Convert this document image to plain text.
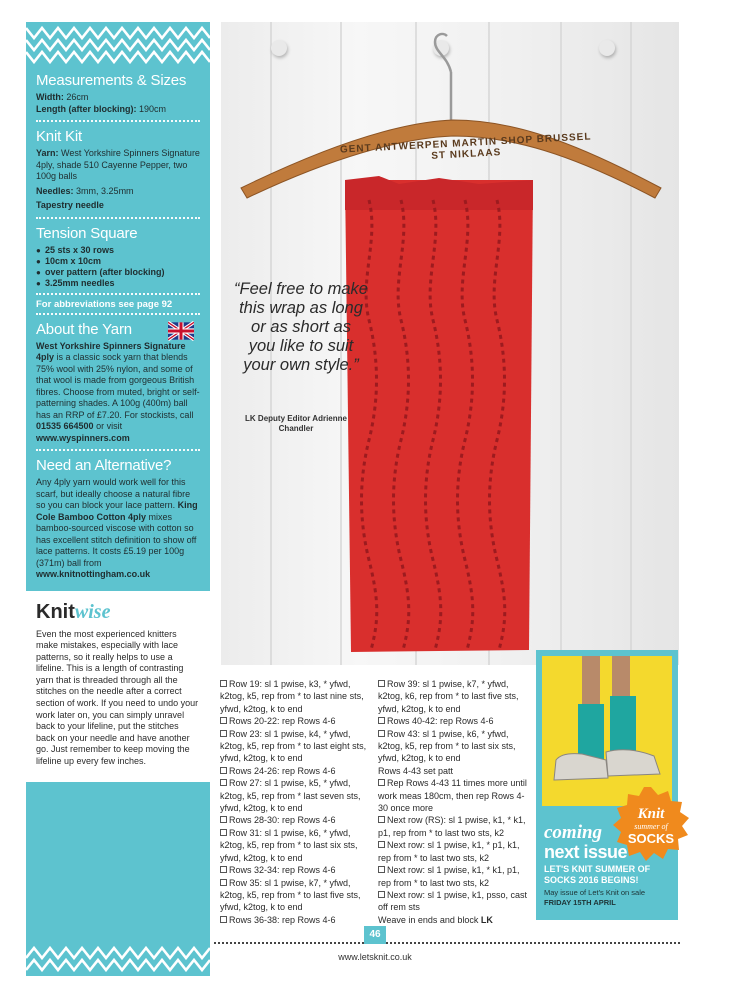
Measurements & Sizes

Width: 26cm

Length (after blocking): 190cm

Knit Kit

Yarn: West Yorkshire Spinners Signature 4ply, shade 510 Cayenne Pepper, two 100g balls

Needles: 3mm, 3.25mm

Tapestry needle

Tension Square
● 25 sts x 30 rows
● 10cm x 10cm
● over pattern (after blocking)
● 3.25mm needles

For abbreviations see page 92

About the Yarn

West Yorkshire Spinners Signature 4ply is a classic sock yarn that blends 75% wool with 25% nylon, and some of that wool is made from gorgeous British fibres. Choose from muted, bright or self-patterning shades. A 100g (400m) ball has an RRP of £7.20. For stockists, call 01535 664500 or visit www.wyspinners.com

Need an Alternative?

Any 4ply yarn would work well for this scarf, but ideally choose a natural fibre so you can block your lace pattern. King Cole Bamboo Cotton 4ply mixes bamboo-sourced viscose with cotton so has excellent stitch definition to show off lace patterns. It costs £5.19 per 100g (371m) ball from www.knitnottingham.co.uk

Knitwise

Even the most experienced knitters make mistakes, especially with lace patterns, so it really helps to use a lifeline. This is a length of contrasting yarn that is threaded through all the stitches on the needle after a correct section of work. If you need to undo your work later on, you can simply unravel back to your lifeline, put the stitches back on your needle and have another go. Just remember to keep moving the lifeline up every few inches.

GENT ANTWERPEN MARTIN SHOP BRUSSEL ST NIKLAAS
“Feel free to make
this wrap as long
or as short as
you like to suit
your own style.”

LK Deputy Editor Adrienne Chandler

Row 19: sl 1 pwise, k3, * yfwd, k2tog, k5, rep from * to last nine sts, yfwd, k2tog, k to end

Rows 20-22: rep Rows 4-6

Row 23: sl 1 pwise, k4, * yfwd, k2tog, k5, rep from * to last eight sts, yfwd, k2tog, k to end

Rows 24-26: rep Rows 4-6

Row 27: sl 1 pwise, k5, * yfwd, k2tog, k5, rep from * last seven sts, yfwd, k2tog, k to end

Rows 28-30: rep Rows 4-6

Row 31: sl 1 pwise, k6, * yfwd, k2tog, k5, rep from * to last six sts, yfwd, k2tog, k to end

Rows 32-34: rep Rows 4-6

Row 35: sl 1 pwise, k7, * yfwd, k2tog, k5, rep from * to last five sts, yfwd, k2tog, k to end

Rows 36-38: rep Rows 4-6

Row 39: sl 1 pwise, k7, * yfwd, k2tog, k6, rep from * to last five sts, yfwd, k2tog, k to end

Rows 40-42: rep Rows 4-6

Row 43: sl 1 pwise, k6, * yfwd, k2tog, k5, rep from * to last six sts, yfwd, k2tog, k to end

Rows 4-43 set patt

Rep Rows 4-43 11 times more until work meas 180cm, then rep Rows 4-30 once more

Next row (RS): sl 1 pwise, k1, * k1, p1, rep from * to last two sts, k2

Next row: sl 1 pwise, k1, * p1, k1, rep from * to last two sts, k2

Next row: sl 1 pwise, k1, * k1, p1, rep from * to last two sts, k2

Next row: sl 1 pwise, k1, psso, cast off rem sts

Weave in ends and block LK

coming

next issue

LET'S KNIT SUMMER OF SOCKS 2016 BEGINS!

May issue of Let's Knit on sale
FRIDAY 15TH APRIL

Knit
summer of
SOCKS
46

www.letsknit.co.uk
